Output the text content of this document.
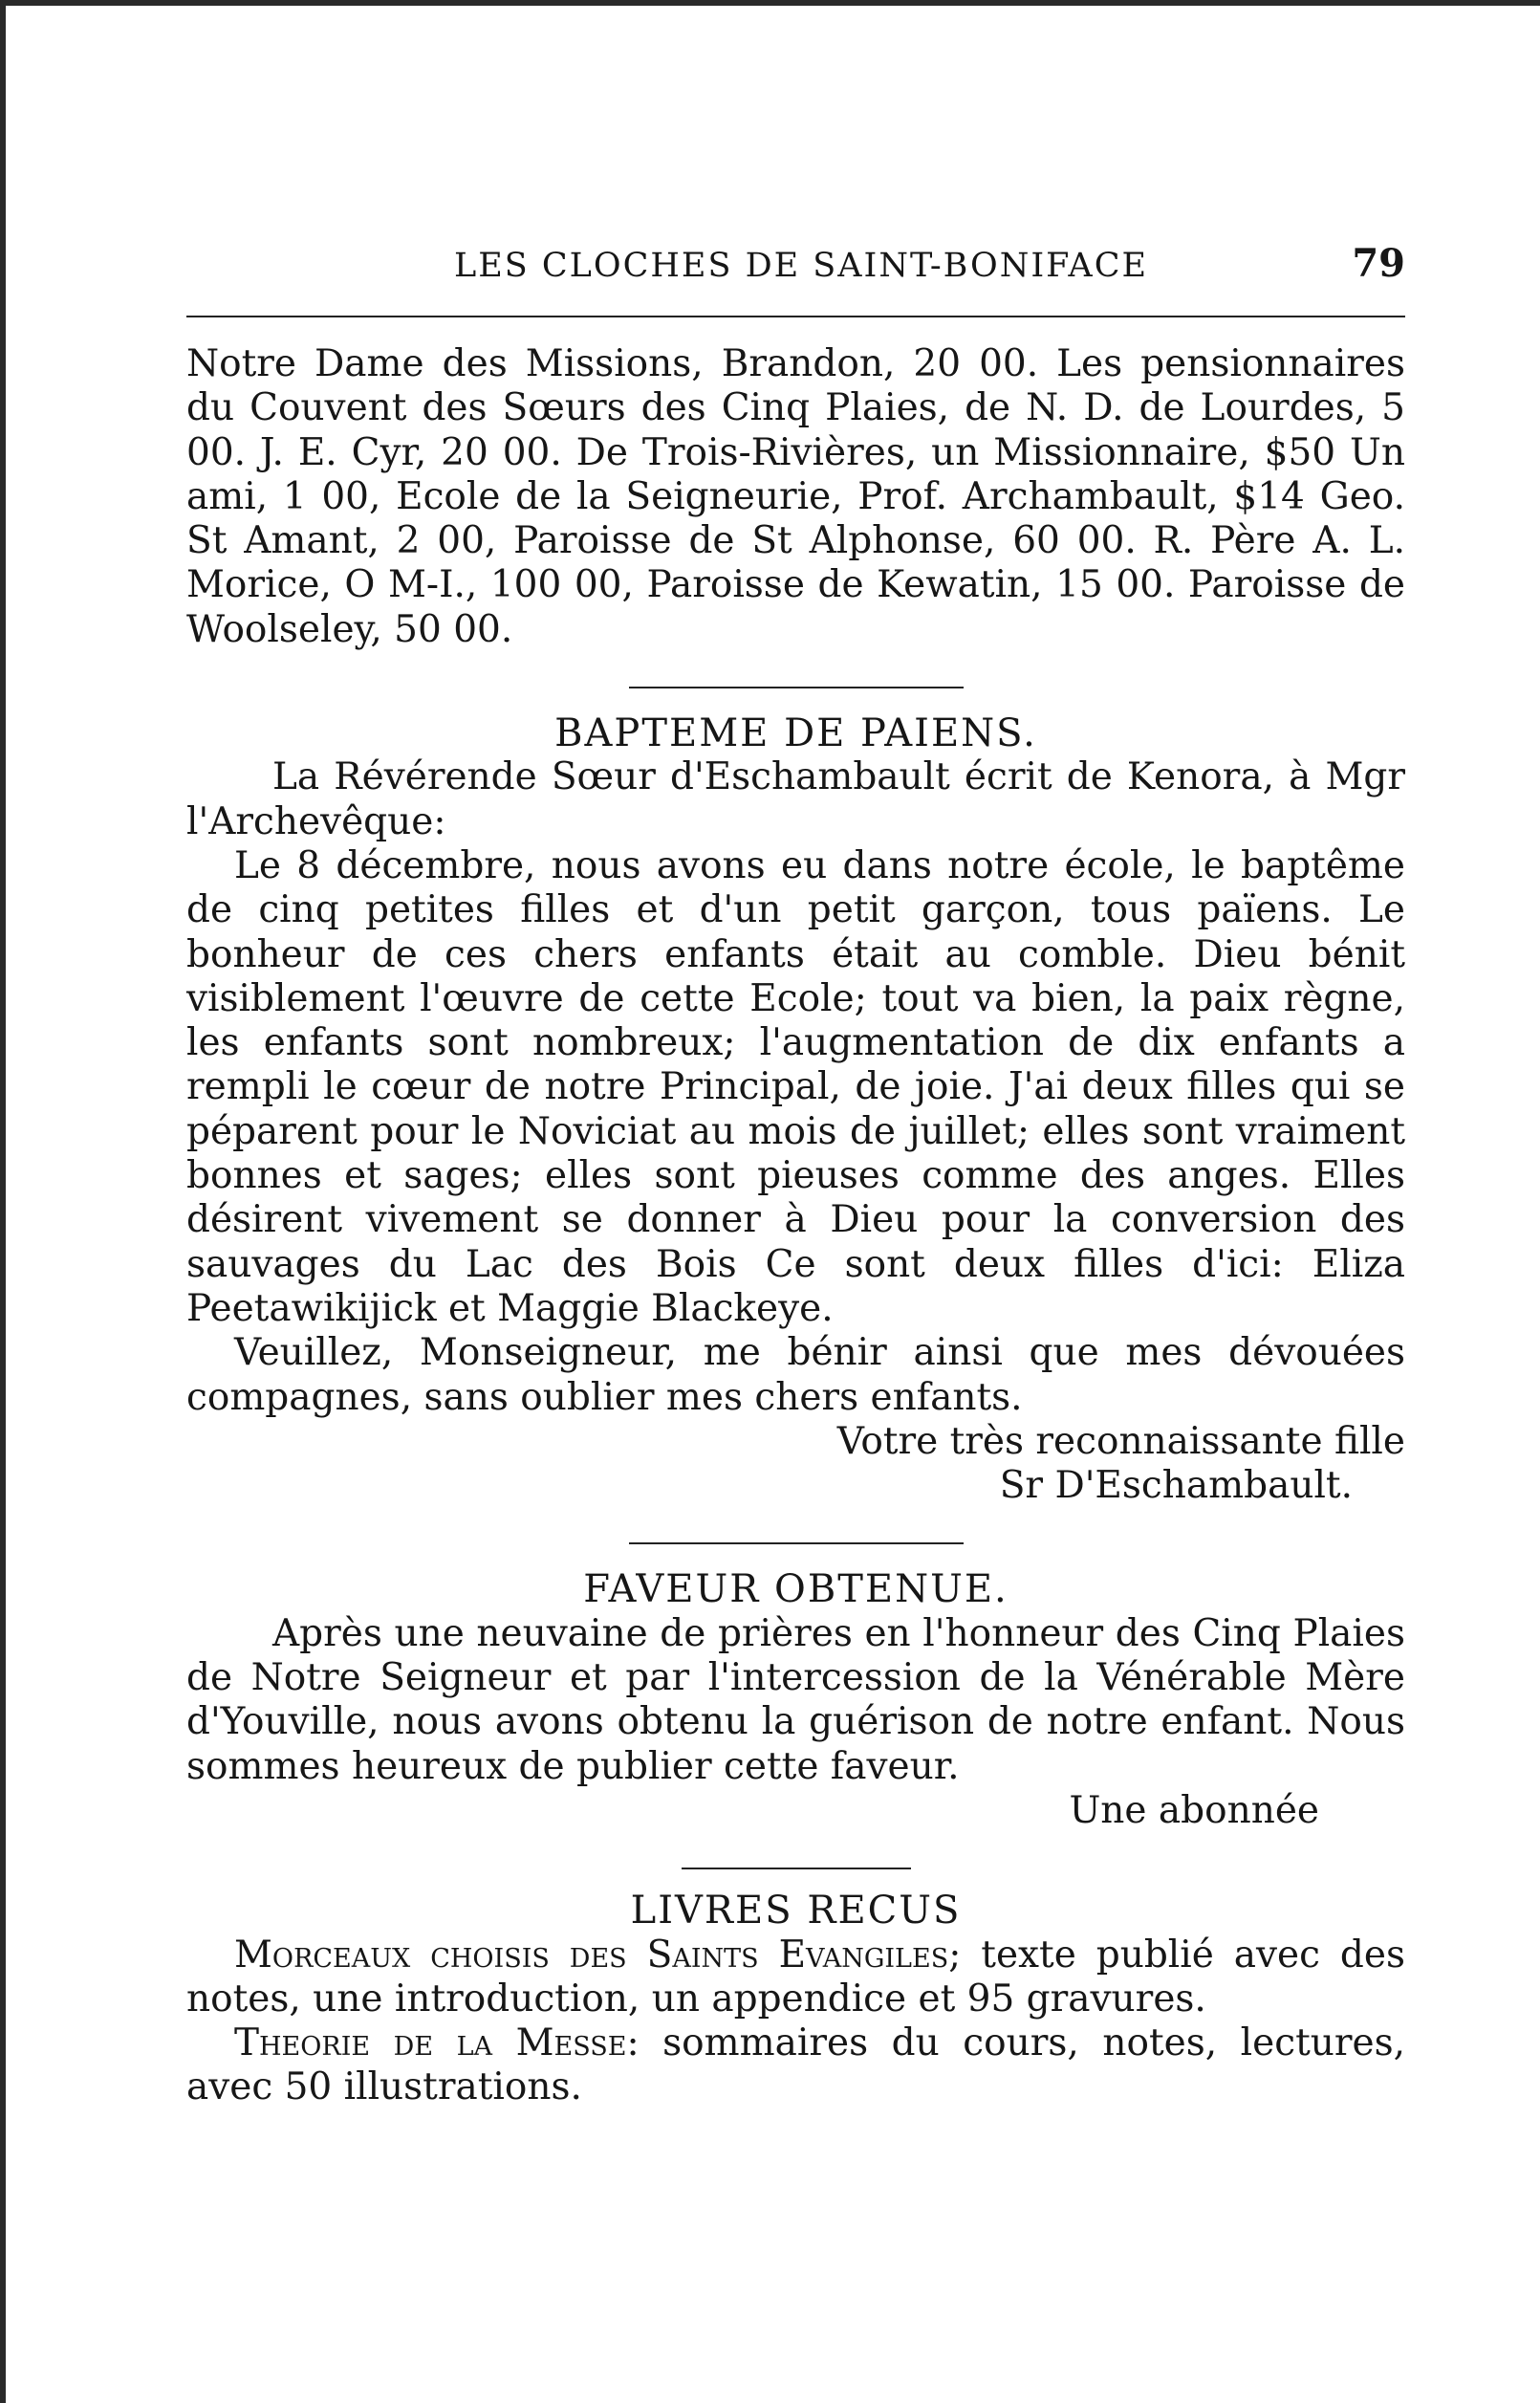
LES CLOCHES DE SAINT-BONIFACE	79

Notre Dame des Missions, Brandon, 20 00. Les pensionnaires du Couvent des Sœurs des Cinq Plaies, de N. D. de Lourdes, 5 00. J. E. Cyr, 20 00. De Trois-Rivières, un Missionnaire, $50 Un ami, 1 00, Ecole de la Seigneurie, Prof. Archambault, $14 Geo. St Amant, 2 00, Paroisse de St Alphonse, 60 00. R. Père A. L. Morice, O M-I., 100 00, Paroisse de Kewatin, 15 00. Paroisse de Woolseley, 50 00.

BAPTEME DE PAIENS.

La Révérende Sœur d'Eschambault écrit de Kenora, à Mgr l'Archevêque:

Le 8 décembre, nous avons eu dans notre école, le baptême de cinq petites filles et d'un petit garçon, tous païens. Le bonheur de ces chers enfants était au comble. Dieu bénit visiblement l'œuvre de cette Ecole; tout va bien, la paix règne, les enfants sont nombreux; l'augmentation de dix enfants a rempli le cœur de notre Principal, de joie. J'ai deux filles qui se péparent pour le Noviciat au mois de juillet; elles sont vraiment bonnes et sages; elles sont pieuses comme des anges. Elles désirent vivement se donner à Dieu pour la conversion des sauvages du Lac des Bois Ce sont deux filles d'ici: Eliza Peetawikijick et Maggie Blackeye.

Veuillez, Monseigneur, me bénir ainsi que mes dévouées compagnes, sans oublier mes chers enfants.

Votre très reconnaissante fille

Sr D'Eschambault.

FAVEUR OBTENUE.

Après une neuvaine de prières en l'honneur des Cinq Plaies de Notre Seigneur et par l'intercession de la Vénérable Mère d'Youville, nous avons obtenu la guérison de notre enfant. Nous sommes heureux de publier cette faveur.

Une abonnée

LIVRES RECUS

Morceaux choisis des Saints Evangiles; texte publié avec des notes, une introduction, un appendice et 95 gravures.

Theorie de la Messe: sommaires du cours, notes, lectures, avec 50 illustrations.
